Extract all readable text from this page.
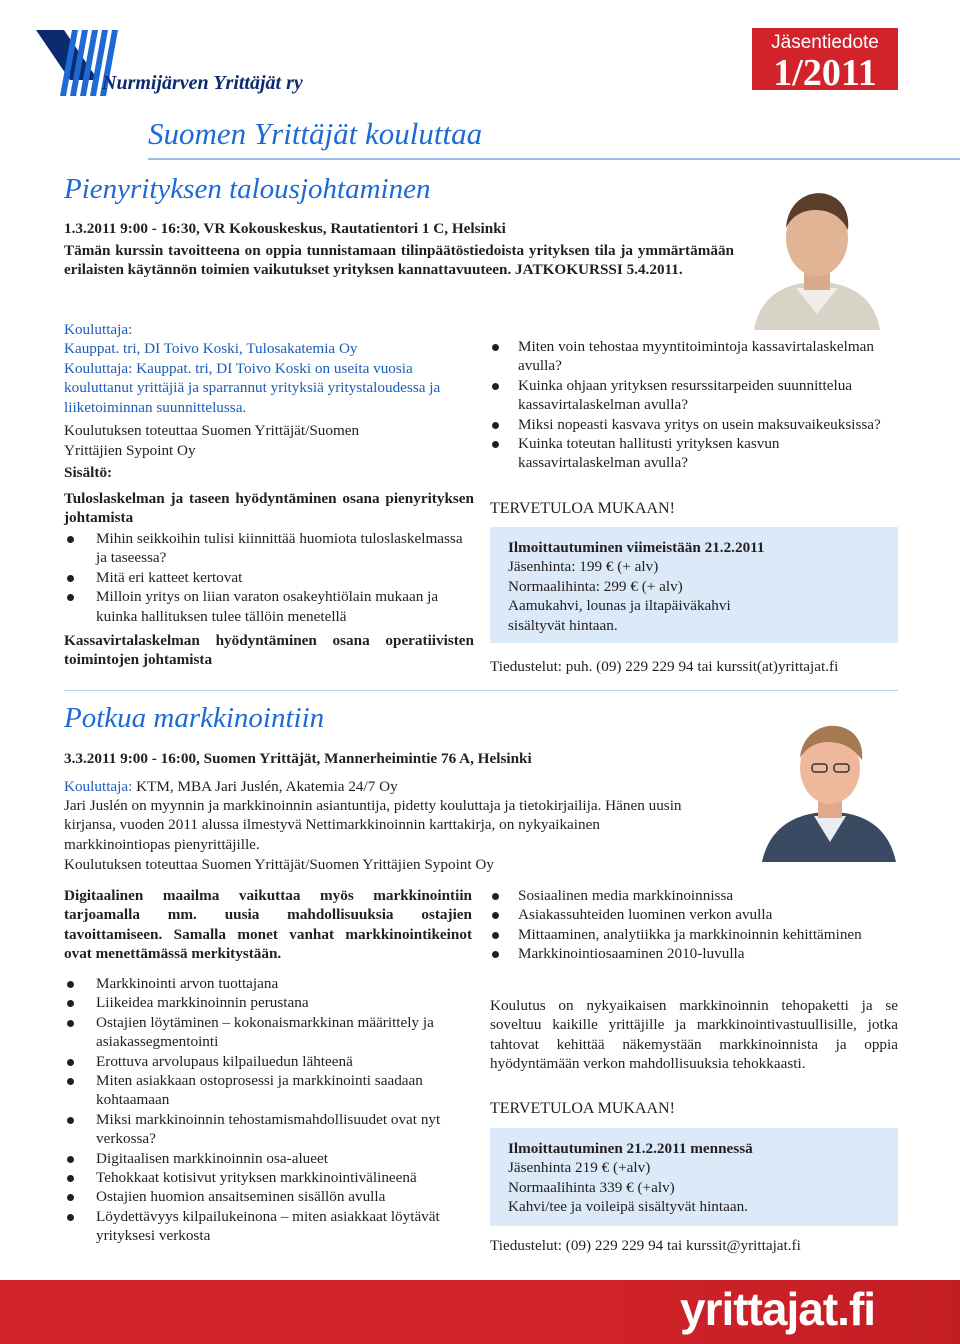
Nurmijärven Yrittäjät ry
Jäsentiedote
1/2011
Suomen Yrittäjät kouluttaa
Pienyrityksen talousjohtaminen
1.3.2011 9:00 - 16:30, VR Kokouskeskus, Rautatientori 1 C, Helsinki
Tämän kurssin tavoitteena on oppia tunnistamaan tilinpäätöstiedoista yrityksen tila ja ymmärtämään erilaisten käytännön toimien vaikutukset yrityksen kannattavuuteen. JATKOKURSSI 5.4.2011.
Kouluttaja:
Kauppat. tri, DI Toivo Koski, Tulosakatemia Oy
Kouluttaja: Kauppat. tri, DI Toivo Koski on useita vuosia kouluttanut yrittäjiä ja sparrannut yrityksiä yritystaloudessa ja liiketoiminnan suunnittelussa.
Koulutuksen toteuttaa Suomen Yrittäjät/Suomen Yrittäjien Sypoint Oy
Sisältö:
Tuloslaskelman ja taseen hyödyntäminen osana pienyrityksen johtamista
Mihin seikkoihin tulisi kiinnittää huomiota tuloslaskelmassa ja taseessa?
Mitä eri katteet kertovat
Milloin yritys on liian varaton osakeyhtiölain mukaan ja kuinka hallituksen tulee tällöin menetellä
Kassavirtalaskelman hyödyntäminen osana operatiivisten toimintojen johtamista
Miten voin tehostaa myyntitoimintoja kassavirtalaskelman avulla?
Kuinka ohjaan yrityksen resurssitarpeiden suunnittelua kassavirtalaskelman avulla?
Miksi nopeasti kasvava yritys on usein maksuvaikeuksissa?
Kuinka toteutan hallitusti yrityksen kasvun kassavirtalaskelman avulla?
TERVETULOA MUKAAN!
Ilmoittautuminen viimeistään 21.2.2011
Jäsenhinta: 199 € (+ alv)
Normaalihinta: 299 € (+ alv)
Aamukahvi, lounas ja iltapäiväkahvi sisältyvät hintaan.
Tiedustelut: puh. (09) 229 229 94 tai kurssit(at)yrittajat.fi
Potkua markkinointiin
3.3.2011 9:00 - 16:00, Suomen Yrittäjät, Mannerheimintie 76 A, Helsinki
Kouluttaja: KTM, MBA Jari Juslén, Akatemia 24/7 Oy
Jari Juslén on myynnin ja markkinoinnin asiantuntija, pidetty kouluttaja ja tietokirjailija. Hänen uusin kirjansa, vuoden 2011 alussa ilmestyvä Nettimarkkinoinnin karttakirja, on nykyaikainen markkinointiopas pienyrittäjille.
Koulutuksen toteuttaa Suomen Yrittäjät/Suomen Yrittäjien Sypoint Oy
Digitaalinen maailma vaikuttaa myös markkinointiin tarjoamalla mm. uusia mahdollisuuksia ostajien tavoittamiseen. Samalla monet vanhat markkinointikeinot ovat menettämässä merkitystään.
Markkinointi arvon tuottajana
Liikeidea markkinoinnin perustana
Ostajien löytäminen – kokonaismarkkinan määrittely ja asiakassegmentointi
Erottuva arvolupaus kilpailuedun lähteenä
Miten asiakkaan ostoprosessi ja markkinointi saadaan kohtaamaan
Miksi markkinoinnin tehostamismahdollisuudet ovat nyt verkossa?
Digitaalisen markkinoinnin osa-alueet
Tehokkaat kotisivut yrityksen markkinointivälineenä
Ostajien huomion ansaitseminen sisällön avulla
Löydettävyys kilpailukeinona – miten asiakkaat löytävät yrityksesi verkosta
Sosiaalinen media markkinoinnissa
Asiakassuhteiden luominen verkon avulla
Mittaaminen, analytiikka ja markkinoinnin kehittäminen
Markkinointiosaaminen 2010-luvulla
Koulutus on nykyaikaisen markkinoinnin tehopaketti ja se soveltuu kaikille yrittäjille ja markkinointivastuullisille, jotka tahtovat kehittää näkemystään markkinoinnista ja oppia hyödyntämään verkon mahdollisuuksia tehokkaasti.
TERVETULOA MUKAAN!
Ilmoittautuminen 21.2.2011 mennessä
Jäsenhinta 219 € (+alv)
Normaalihinta 339 € (+alv)
Kahvi/tee ja voileipä sisältyvät hintaan.
Tiedustelut: (09) 229 229 94 tai kurssit@yrittajat.fi
yrittajat.fi
